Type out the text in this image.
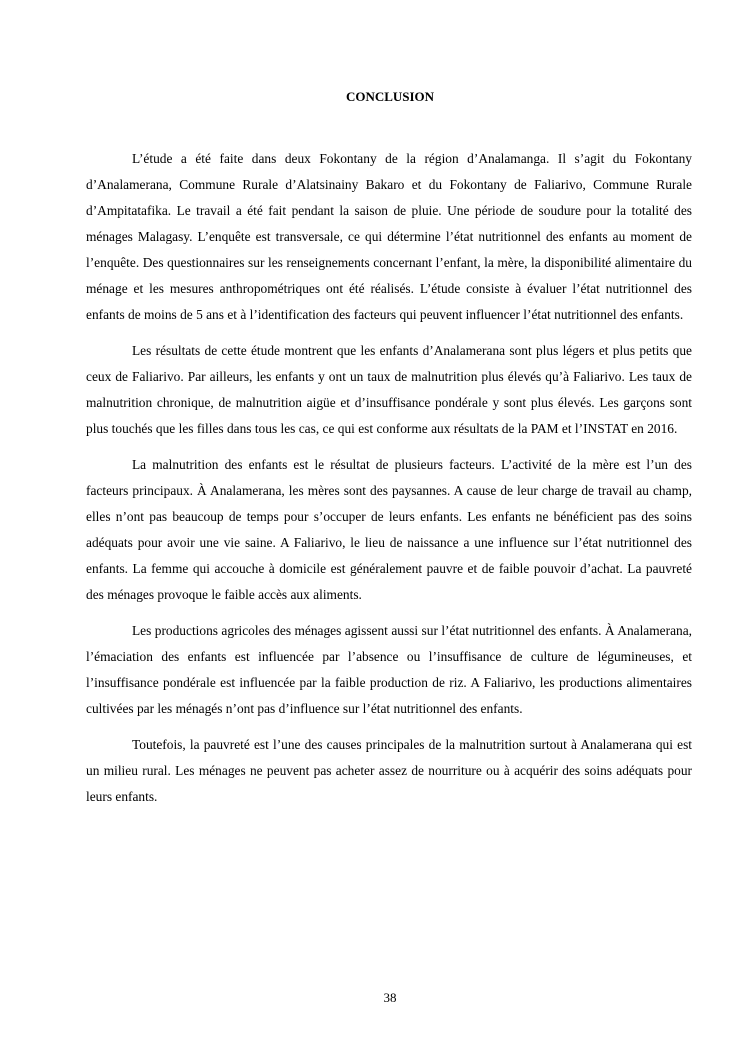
CONCLUSION

L’étude a été faite dans deux Fokontany de la région d’Analamanga. Il s’agit du Fokontany d’Analamerana, Commune Rurale d’Alatsinainy Bakaro et du Fokontany de Faliarivo, Commune Rurale d’Ampitatafika. Le travail a été fait pendant la saison de pluie. Une période de soudure pour la totalité des ménages Malagasy. L’enquête est transversale, ce qui détermine l’état nutritionnel des enfants au moment de l’enquête. Des questionnaires sur les renseignements concernant l’enfant, la mère, la disponibilité alimentaire du ménage et les mesures anthropométriques ont été réalisés. L’étude consiste à évaluer l’état nutritionnel des enfants de moins de 5 ans et à l’identification des facteurs qui peuvent influencer l’état nutritionnel des enfants.

Les résultats de cette étude montrent que les enfants d’Analamerana sont plus légers et plus petits que ceux de Faliarivo. Par ailleurs, les enfants y ont un taux de malnutrition plus élevés qu’à Faliarivo. Les taux de malnutrition chronique, de malnutrition aigüe et d’insuffisance pondérale y sont plus élevés. Les garçons sont plus touchés que les filles dans tous les cas, ce qui est conforme aux résultats de la PAM et l’INSTAT en 2016.

La malnutrition des enfants est le résultat de plusieurs facteurs. L’activité de la mère est l’un des facteurs principaux. À Analamerana, les mères sont des paysannes. A cause de leur charge de travail au champ, elles n’ont pas beaucoup de temps pour s’occuper de leurs enfants. Les enfants ne bénéficient pas des soins adéquats pour avoir une vie saine. A Faliarivo, le lieu de naissance a une influence sur l’état nutritionnel des enfants. La femme qui accouche à domicile est généralement pauvre et de faible pouvoir d’achat. La pauvreté des ménages provoque le faible accès aux aliments.

Les productions agricoles des ménages agissent aussi sur l’état nutritionnel des enfants. À Analamerana, l’émaciation des enfants est influencée par l’absence ou l’insuffisance de culture de légumineuses, et l’insuffisance pondérale est influencée par la faible production de riz. A Faliarivo, les productions alimentaires cultivées par les ménagés n’ont pas d’influence sur l’état nutritionnel des enfants.

Toutefois, la pauvreté est l’une des causes principales de la malnutrition surtout à Analamerana qui est un milieu rural. Les ménages ne peuvent pas acheter assez de nourriture ou à acquérir des soins adéquats pour leurs enfants.

38
